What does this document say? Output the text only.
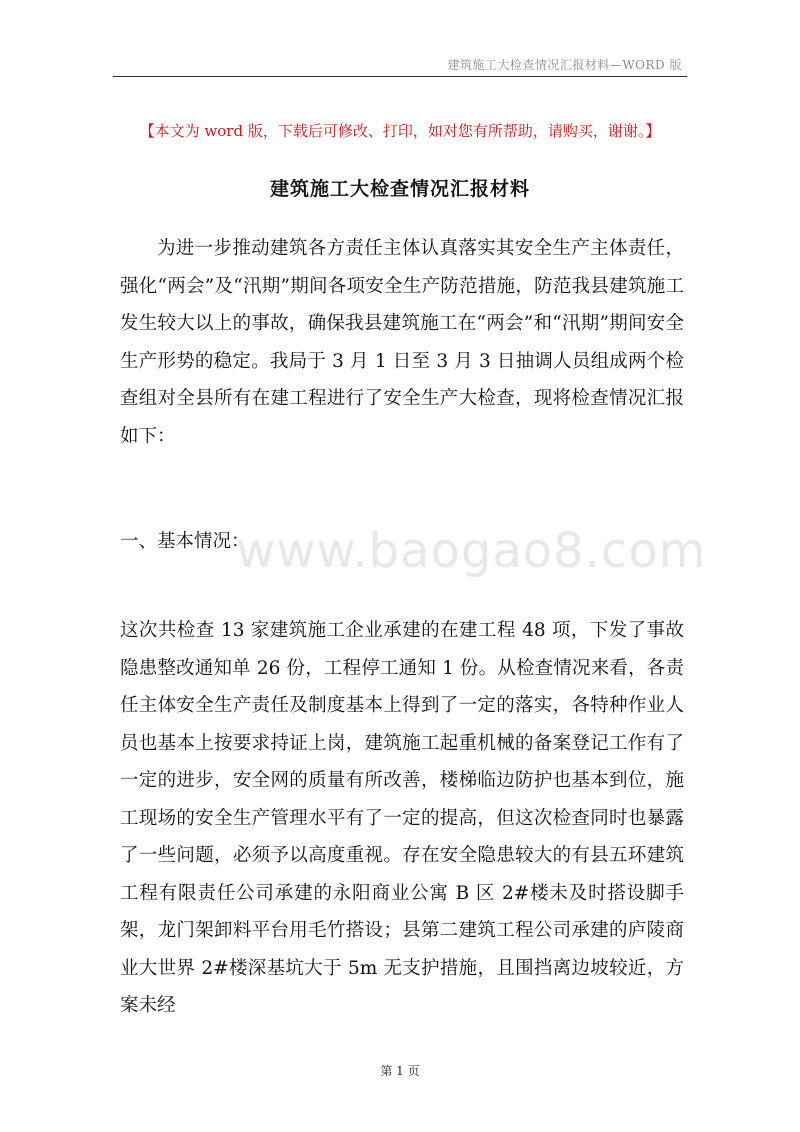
建筑施工大检查情况汇报材料—WORD 版
【本文为 word 版，下载后可修改、打印，如对您有所帮助，请购买，谢谢。】
建筑施工大检查情况汇报材料

为进一步推动建筑各方责任主体认真落实其安全生产主体责任，强化“两会”及“汛期”期间各项安全生产防范措施，防范我县建筑施工发生较大以上的事故，确保我县建筑施工在“两会”和“汛期”期间安全生产形势的稳定。我局于 3 月 1 日至 3 月 3 日抽调人员组成两个检查组对全县所有在建工程进行了安全生产大检查，现将检查情况汇报如下：

一、基本情况：

www.baogao8.com

这次共检查 13 家建筑施工企业承建的在建工程 48 项，下发了事故隐患整改通知单 26 份，工程停工通知 1 份。从检查情况来看，各责任主体安全生产责任及制度基本上得到了一定的落实，各特种作业人员也基本上按要求持证上岗，建筑施工起重机械的备案登记工作有了一定的进步，安全网的质量有所改善，楼梯临边防护也基本到位，施工现场的安全生产管理水平有了一定的提高，但这次检查同时也暴露了一些问题，必须予以高度重视。存在安全隐患较大的有县五环建筑工程有限责任公司承建的永阳商业公寓 B 区 2#楼未及时搭设脚手架，龙门架卸料平台用毛竹搭设；县第二建筑工程公司承建的庐陵商业大世界 2#楼深基坑大于 5m 无支护措施，且围挡离边坡较近，方案未经

第 1 页
